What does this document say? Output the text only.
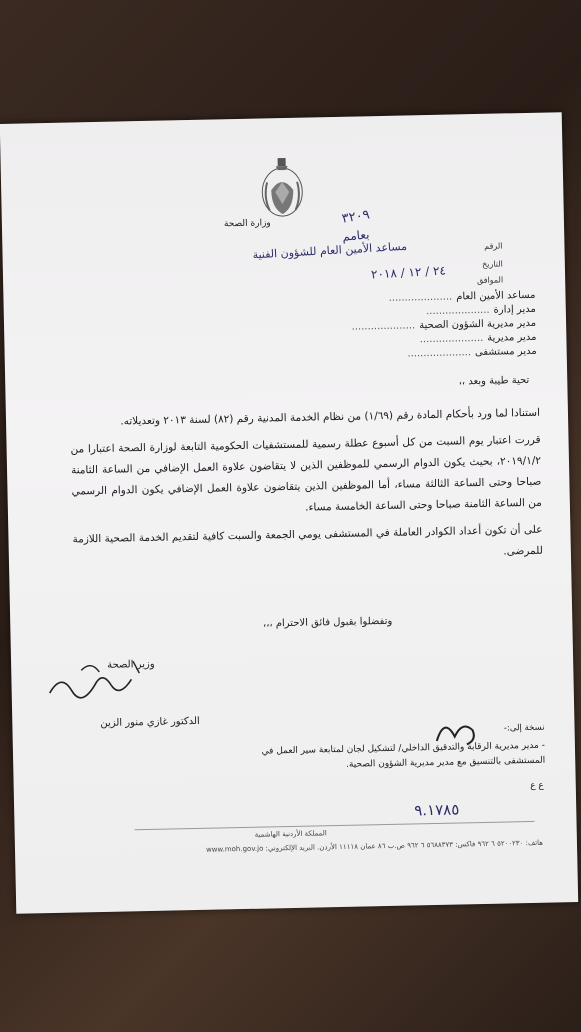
وزارة الصحة
الرقم
التاريخ
الموافق
٣٢٠٩
بعامم
مساعد الأمين العام للشؤون الفنية
٢٤ / ١٢ / ٢٠١٨
مساعد الأمين العام....................
مدير إدارة....................
مدير مديرية الشؤون الصحية....................
مدير مديرية....................
مدير مستشفى....................
تحية طيبة وبعد ،،

استنادا لما ورد بأحكام المادة رقم (١/٦٩) من نظام الخدمة المدنية رقم (٨٢) لسنة ٢٠١٣ وتعديلاته.

قررت اعتبار يوم السبت من كل أسبوع عطلة رسمية للمستشفيات الحكومية التابعة لوزارة الصحة اعتبارا من ٢٠١٩/١/٢، بحيث يكون الدوام الرسمي للموظفين الذين لا يتقاضون علاوة العمل الإضافي من الساعة الثامنة صباحا وحتى الساعة الثالثة مساء، أما الموظفين الذين يتقاضون علاوة العمل الإضافي يكون الدوام الرسمي من الساعة الثامنة صباحا وحتى الساعة الخامسة مساء.

على أن تكون أعداد الكوادر العاملة في المستشفى يومي الجمعة والسبت كافية لتقديم الخدمة الصحية اللازمة للمرضى.

وتفضلوا بقبول فائق الاحترام ،،،
وزير الصحة
الدكتور غازي منور الزين	نسخة إلى:-
- مدير مديرية الرقابة والتدقيق الداخلي/ لتشكيل لجان لمتابعة سير العمل في المستشفى بالتنسيق مع مدير مديرية الشؤون الصحية.
ع ع
٩.١٧٨٥
المملكة الأردنية الهاشمية
هاتف: ٥٢٠٠٢٣٠ ٦ ٩٦٢ فاكس: ٥٦٨٨٣٧٣ ٦ ٩٦٢ ص.ب ٨٦ عمان ١١١١٨ الأردن. البريد الإلكتروني: www.moh.gov.jo
